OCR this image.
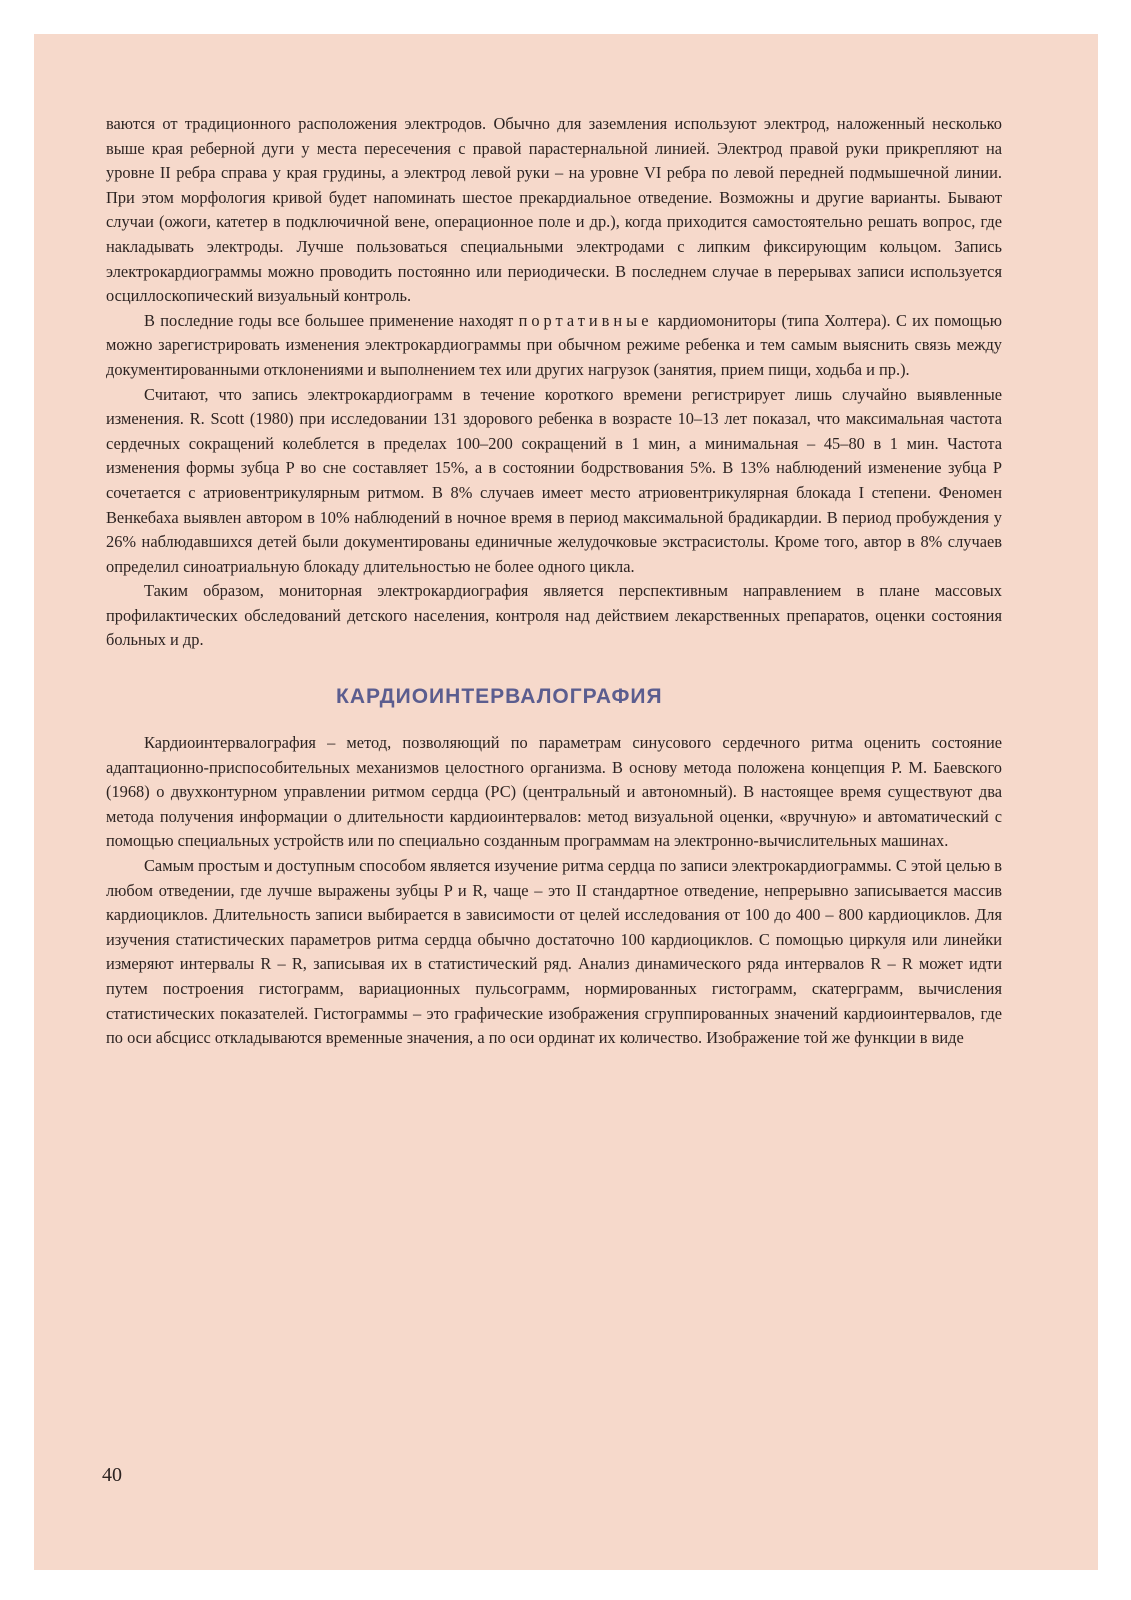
ваются от традиционного расположения электродов. Обычно для заземления используют электрод, наложенный несколько выше края реберной дуги у места пересечения с правой парастернальной линией. Электрод правой руки прикрепляют на уровне II ребра справа у края грудины, а электрод левой руки – на уровне VI ребра по левой передней подмышечной линии. При этом морфология кривой будет напоминать шестое прекардиальное отведение. Возможны и другие варианты. Бывают случаи (ожоги, катетер в подключичной вене, операционное поле и др.), когда приходится самостоятельно решать вопрос, где накладывать электроды. Лучше пользоваться специальными электродами с липким фиксирующим кольцом. Запись электрокардиограммы можно проводить постоянно или периодически. В последнем случае в перерывах записи используется осциллоскопический визуальный контроль.

В последние годы все большее применение находят портативные кардиомониторы (типа Холтера). С их помощью можно зарегистрировать изменения электрокардиограммы при обычном режиме ребенка и тем самым выяснить связь между документированными отклонениями и выполнением тех или других нагрузок (занятия, прием пищи, ходьба и пр.).

Считают, что запись электрокардиограмм в течение короткого времени регистрирует лишь случайно выявленные изменения. R. Scott (1980) при исследовании 131 здорового ребенка в возрасте 10–13 лет показал, что максимальная частота сердечных сокращений колеблется в пределах 100–200 сокращений в 1 мин, а минимальная – 45–80 в 1 мин. Частота изменения формы зубца P во сне составляет 15%, а в состоянии бодрствования 5%. В 13% наблюдений изменение зубца P сочетается с атриовентрикулярным ритмом. В 8% случаев имеет место атриовентрикулярная блокада I степени. Феномен Венкебаха выявлен автором в 10% наблюдений в ночное время в период максимальной брадикардии. В период пробуждения у 26% наблюдавшихся детей были документированы единичные желудочковые экстрасистолы. Кроме того, автор в 8% случаев определил синоатриальную блокаду длительностью не более одного цикла.

Таким образом, мониторная электрокардиография является перспективным направлением в плане массовых профилактических обследований детского населения, контроля над действием лекарственных препаратов, оценки состояния больных и др.

КАРДИОИНТЕРВАЛОГРАФИЯ

Кардиоинтервалография – метод, позволяющий по параметрам синусового сердечного ритма оценить состояние адаптационно-приспособительных механизмов целостного организма. В основу метода положена концепция Р. М. Баевского (1968) о двухконтурном управлении ритмом сердца (РС) (центральный и автономный). В настоящее время существуют два метода получения информации о длительности кардиоинтервалов: метод визуальной оценки, «вручную» и автоматический с помощью специальных устройств или по специально созданным программам на электронно-вычислительных машинах.

Самым простым и доступным способом является изучение ритма сердца по записи электрокардиограммы. С этой целью в любом отведении, где лучше выражены зубцы P и R, чаще – это II стандартное отведение, непрерывно записывается массив кардиоциклов. Длительность записи выбирается в зависимости от целей исследования от 100 до 400 – 800 кардиоциклов. Для изучения статистических параметров ритма сердца обычно достаточно 100 кардиоциклов. С помощью циркуля или линейки измеряют интервалы R – R, записывая их в статистический ряд. Анализ динамического ряда интервалов R – R может идти путем построения гистограмм, вариационных пульсограмм, нормированных гистограмм, скатерграмм, вычисления статистических показателей. Гистограммы – это графические изображения сгруппированных значений кардиоинтервалов, где по оси абсцисс откладываются временные значения, а по оси ординат их количество. Изображение той же функции в виде

40
